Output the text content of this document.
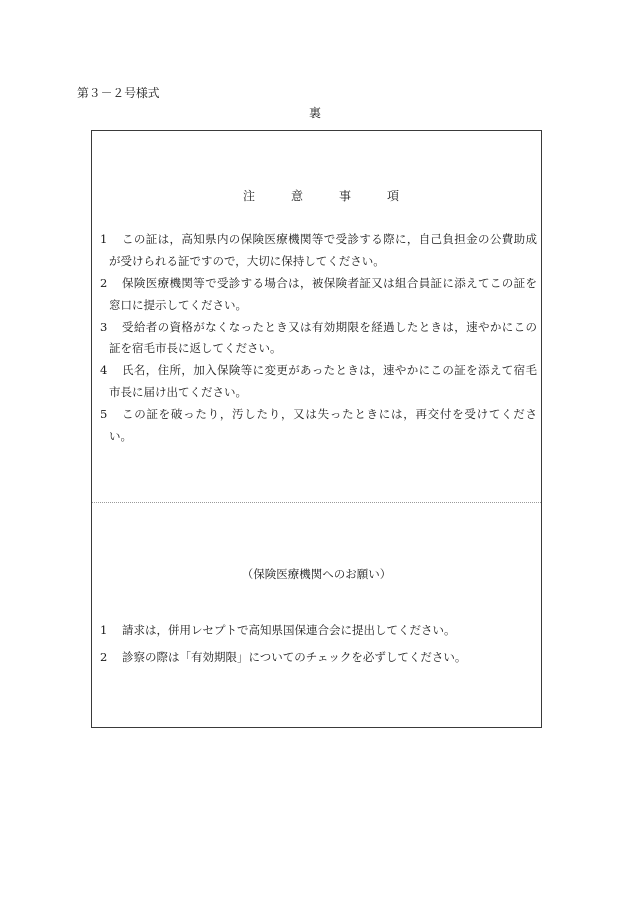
第３－２号様式
裏
注意事項
1	この証は，高知県内の保険医療機関等で受診する際に，自己負担金の公費助成
が受けられる証ですので，大切に保持してください。
2	保険医療機関等で受診する場合は，被保険者証又は組合員証に添えてこの証を
窓口に提示してください。
3	受給者の資格がなくなったとき又は有効期限を経過したときは，速やかにこの
証を宿毛市長に返してください。
4	氏名，住所，加入保険等に変更があったときは，速やかにこの証を添えて宿毛
市長に届け出てください。
5	この証を破ったり，汚したり，又は失ったときには，再交付を受けてくださ
い。
（保険医療機関へのお願い）
1	請求は，併用レセプトで高知県国保連合会に提出してください。
2	診察の際は「有効期限」についてのチェックを必ずしてください。
